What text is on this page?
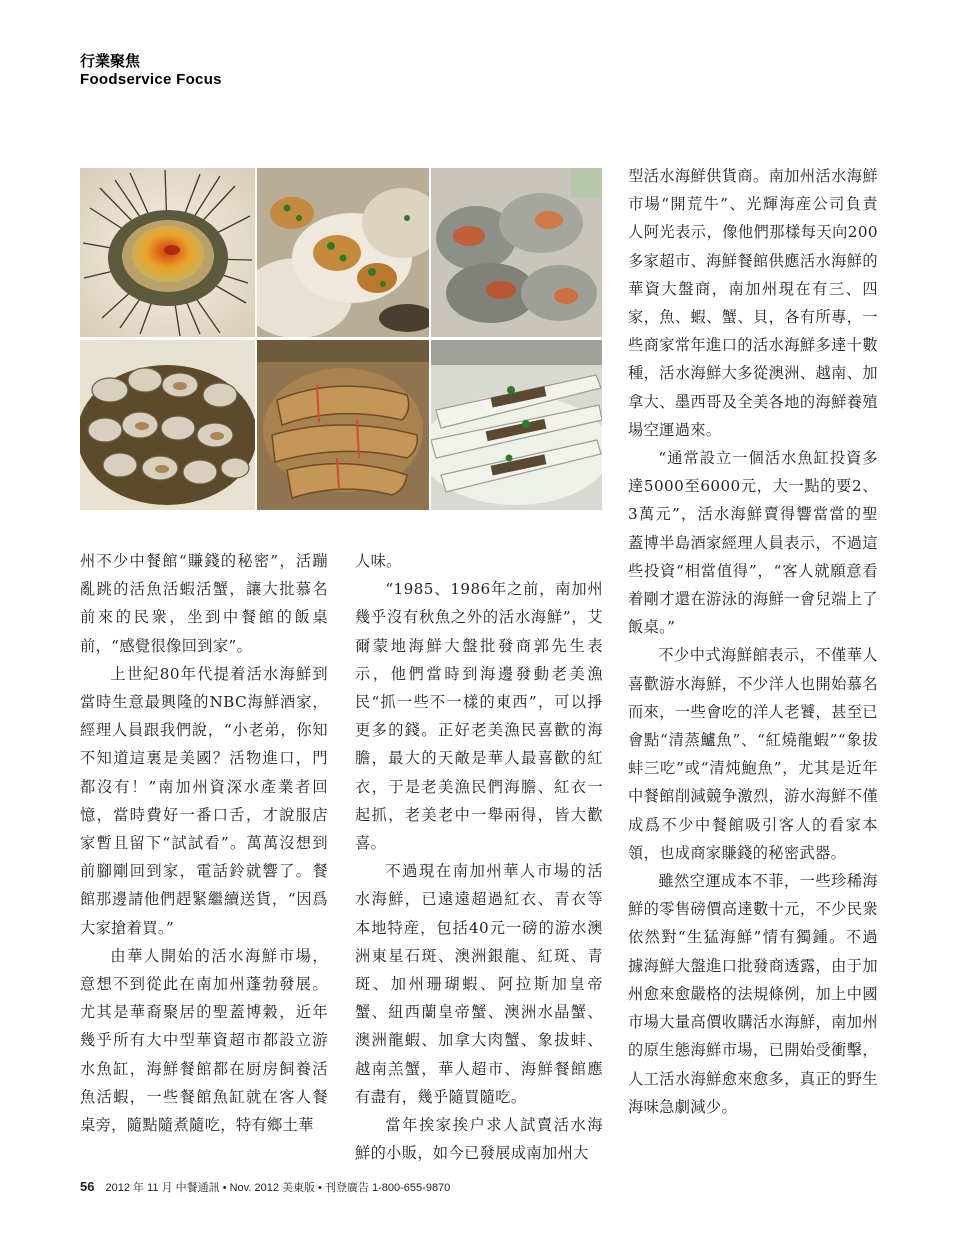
行業聚焦
Foodservice Focus

州不少中餐館“賺錢的秘密”，活蹦亂跳的活魚活蝦活蟹，讓大批慕名前來的民衆，坐到中餐館的飯桌前，“感覺很像回到家”。

上世紀80年代提着活水海鮮到當時生意最興隆的NBC海鮮酒家，經理人員跟我們說，“小老弟，你知不知道這裏是美國？活物進口，門都沒有！”南加州資深水產業者回憶，當時費好一番口舌，才說服店家暫且留下“試試看”。萬萬沒想到前腳剛回到家，電話鈴就響了。餐館那邊請他們趕緊繼續送貨，“因爲大家搶着買。”

由華人開始的活水海鮮市場，意想不到從此在南加州蓬勃發展。尤其是華裔聚居的聖蓋博穀，近年幾乎所有大中型華資超市都設立游水魚缸，海鮮餐館都在厨房飼養活魚活蝦，一些餐館魚缸就在客人餐桌旁，隨點隨煮隨吃，特有鄉土華

人味。

“1985、1986年之前，南加州幾乎沒有秋魚之外的活水海鮮”，艾爾蒙地海鮮大盤批發商郭先生表示，他們當時到海邊發動老美漁民“抓一些不一樣的東西”，可以掙更多的錢。正好老美漁民喜歡的海膽，最大的天敵是華人最喜歡的紅衣，于是老美漁民們海膽、紅衣一起抓，老美老中一舉兩得，皆大歡喜。

不過現在南加州華人市場的活水海鮮，已遠遠超過紅衣、青衣等本地特産，包括40元一磅的游水澳洲東星石斑、澳洲銀龍、紅斑、青斑、加州珊瑚蝦、阿拉斯加皇帝蟹、紐西蘭皇帝蟹、澳洲水晶蟹、澳洲龍蝦、加拿大肉蟹、象拔蚌、越南羔蟹，華人超市、海鮮餐館應有盡有，幾乎隨買隨吃。

當年挨家挨户求人試賣活水海鮮的小販，如今已發展成南加州大

型活水海鮮供貨商。南加州活水海鮮市場“開荒牛”、光輝海産公司負責人阿光表示，像他們那樣每天向200多家超市、海鮮餐館供應活水海鮮的華資大盤商，南加州現在有三、四家，魚、蝦、蟹、貝，各有所專，一些商家常年進口的活水海鮮多達十數種，活水海鮮大多從澳洲、越南、加拿大、墨西哥及全美各地的海鮮養殖場空運過來。

“通常設立一個活水魚缸投資多達5000至6000元，大一點的要2、3萬元”，活水海鮮賣得響當當的聖蓋博半島酒家經理人員表示，不過這些投資“相當值得”，“客人就願意看着剛才還在游泳的海鮮一會兒端上了飯桌。”

不少中式海鮮館表示，不僅華人喜歡游水海鮮，不少洋人也開始慕名而來，一些會吃的洋人老饕，甚至已會點“清蒸鱸魚”、“紅燒龍蝦”“象拔蚌三吃”或“清炖鮑魚”，尤其是近年中餐館削減競争激烈，游水海鮮不僅成爲不少中餐館吸引客人的看家本領，也成商家賺錢的秘密武器。

雖然空運成本不菲，一些珍稀海鮮的零售磅價高達數十元，不少民衆依然對“生猛海鮮”情有獨鍾。不過據海鮮大盤進口批發商透露，由于加州愈來愈嚴格的法規條例，加上中國市場大量高價收購活水海鮮，南加州的原生態海鮮市場，已開始受衝擊，人工活水海鮮愈來愈多，真正的野生海味急劇減少。

56 2012 年 11 月 中餐通訊 • Nov. 2012 美東版 • 刊登廣告 1-800-655-9870
